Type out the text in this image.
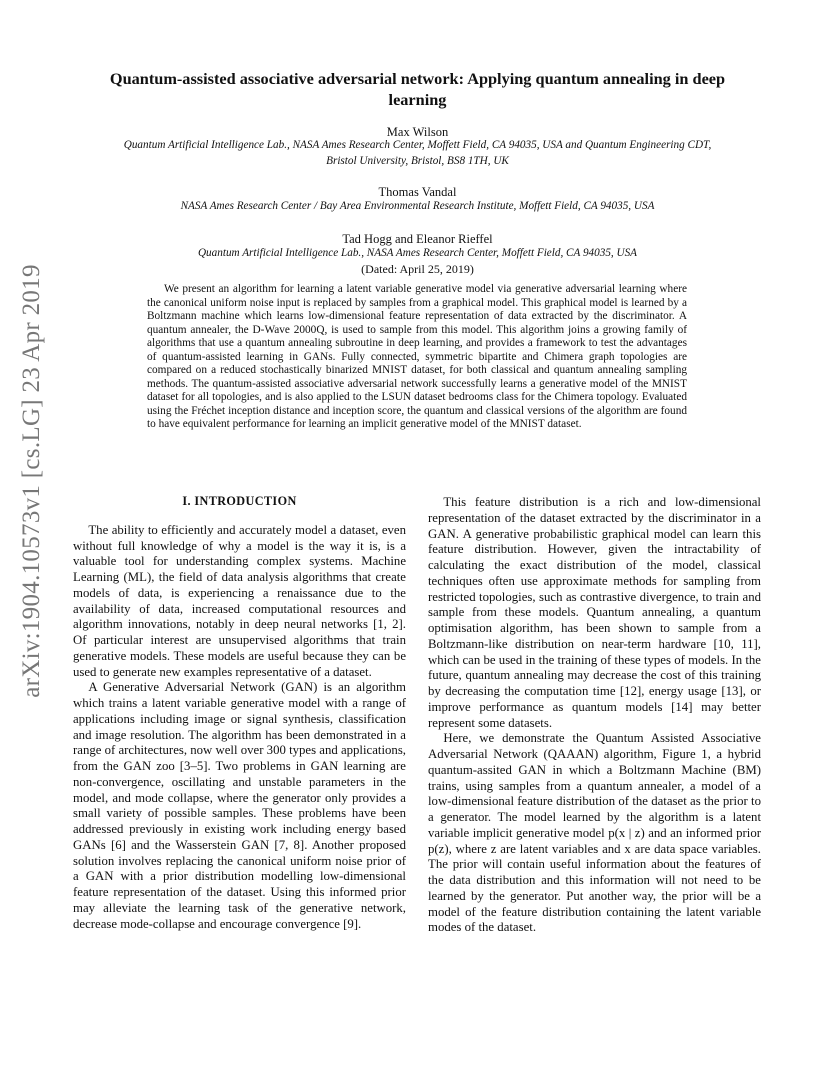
arXiv:1904.10573v1 [cs.LG] 23 Apr 2019
Quantum-assisted associative adversarial network: Applying quantum annealing in deep learning
Max Wilson
Quantum Artificial Intelligence Lab., NASA Ames Research Center, Moffett Field, CA 94035, USA and Quantum Engineering CDT, Bristol University, Bristol, BS8 1TH, UK
Thomas Vandal
NASA Ames Research Center / Bay Area Environmental Research Institute, Moffett Field, CA 94035, USA
Tad Hogg and Eleanor Rieffel
Quantum Artificial Intelligence Lab., NASA Ames Research Center, Moffett Field, CA 94035, USA
(Dated: April 25, 2019)
We present an algorithm for learning a latent variable generative model via generative adversarial learning where the canonical uniform noise input is replaced by samples from a graphical model. This graphical model is learned by a Boltzmann machine which learns low-dimensional feature representation of data extracted by the discriminator. A quantum annealer, the D-Wave 2000Q, is used to sample from this model. This algorithm joins a growing family of algorithms that use a quantum annealing subroutine in deep learning, and provides a framework to test the advantages of quantum-assisted learning in GANs. Fully connected, symmetric bipartite and Chimera graph topologies are compared on a reduced stochastically binarized MNIST dataset, for both classical and quantum annealing sampling methods. The quantum-assisted associative adversarial network successfully learns a generative model of the MNIST dataset for all topologies, and is also applied to the LSUN dataset bedrooms class for the Chimera topology. Evaluated using the Fréchet inception distance and inception score, the quantum and classical versions of the algorithm are found to have equivalent performance for learning an implicit generative model of the MNIST dataset.
I. INTRODUCTION

The ability to efficiently and accurately model a dataset, even without full knowledge of why a model is the way it is, is a valuable tool for understanding complex systems. Machine Learning (ML), the field of data analysis algorithms that create models of data, is experiencing a renaissance due to the availability of data, increased computational resources and algorithm innovations, notably in deep neural networks [1, 2]. Of particular interest are unsupervised algorithms that train generative models. These models are useful because they can be used to generate new examples representative of a dataset.

A Generative Adversarial Network (GAN) is an algorithm which trains a latent variable generative model with a range of applications including image or signal synthesis, classification and image resolution. The algorithm has been demonstrated in a range of architectures, now well over 300 types and applications, from the GAN zoo [3–5]. Two problems in GAN learning are non-convergence, oscillating and unstable parameters in the model, and mode collapse, where the generator only provides a small variety of possible samples. These problems have been addressed previously in existing work including energy based GANs [6] and the Wasserstein GAN [7, 8]. Another proposed solution involves replacing the canonical uniform noise prior of a GAN with a prior distribution modelling low-dimensional feature representation of the dataset. Using this informed prior may alleviate the learning task of the generative network, decrease mode-collapse and encourage convergence [9].

This feature distribution is a rich and low-dimensional representation of the dataset extracted by the discriminator in a GAN. A generative probabilistic graphical model can learn this feature distribution. However, given the intractability of calculating the exact distribution of the model, classical techniques often use approximate methods for sampling from restricted topologies, such as contrastive divergence, to train and sample from these models. Quantum annealing, a quantum optimisation algorithm, has been shown to sample from a Boltzmann-like distribution on near-term hardware [10, 11], which can be used in the training of these types of models. In the future, quantum annealing may decrease the cost of this training by decreasing the computation time [12], energy usage [13], or improve performance as quantum models [14] may better represent some datasets.

Here, we demonstrate the Quantum Assisted Associative Adversarial Network (QAAAN) algorithm, Figure 1, a hybrid quantum-assited GAN in which a Boltzmann Machine (BM) trains, using samples from a quantum annealer, a model of a low-dimensional feature distribution of the dataset as the prior to a generator. The model learned by the algorithm is a latent variable implicit generative model p(x | z) and an informed prior p(z), where z are latent variables and x are data space variables. The prior will contain useful information about the features of the data distribution and this information will not need to be learned by the generator. Put another way, the prior will be a model of the feature distribution containing the latent variable modes of the dataset.
